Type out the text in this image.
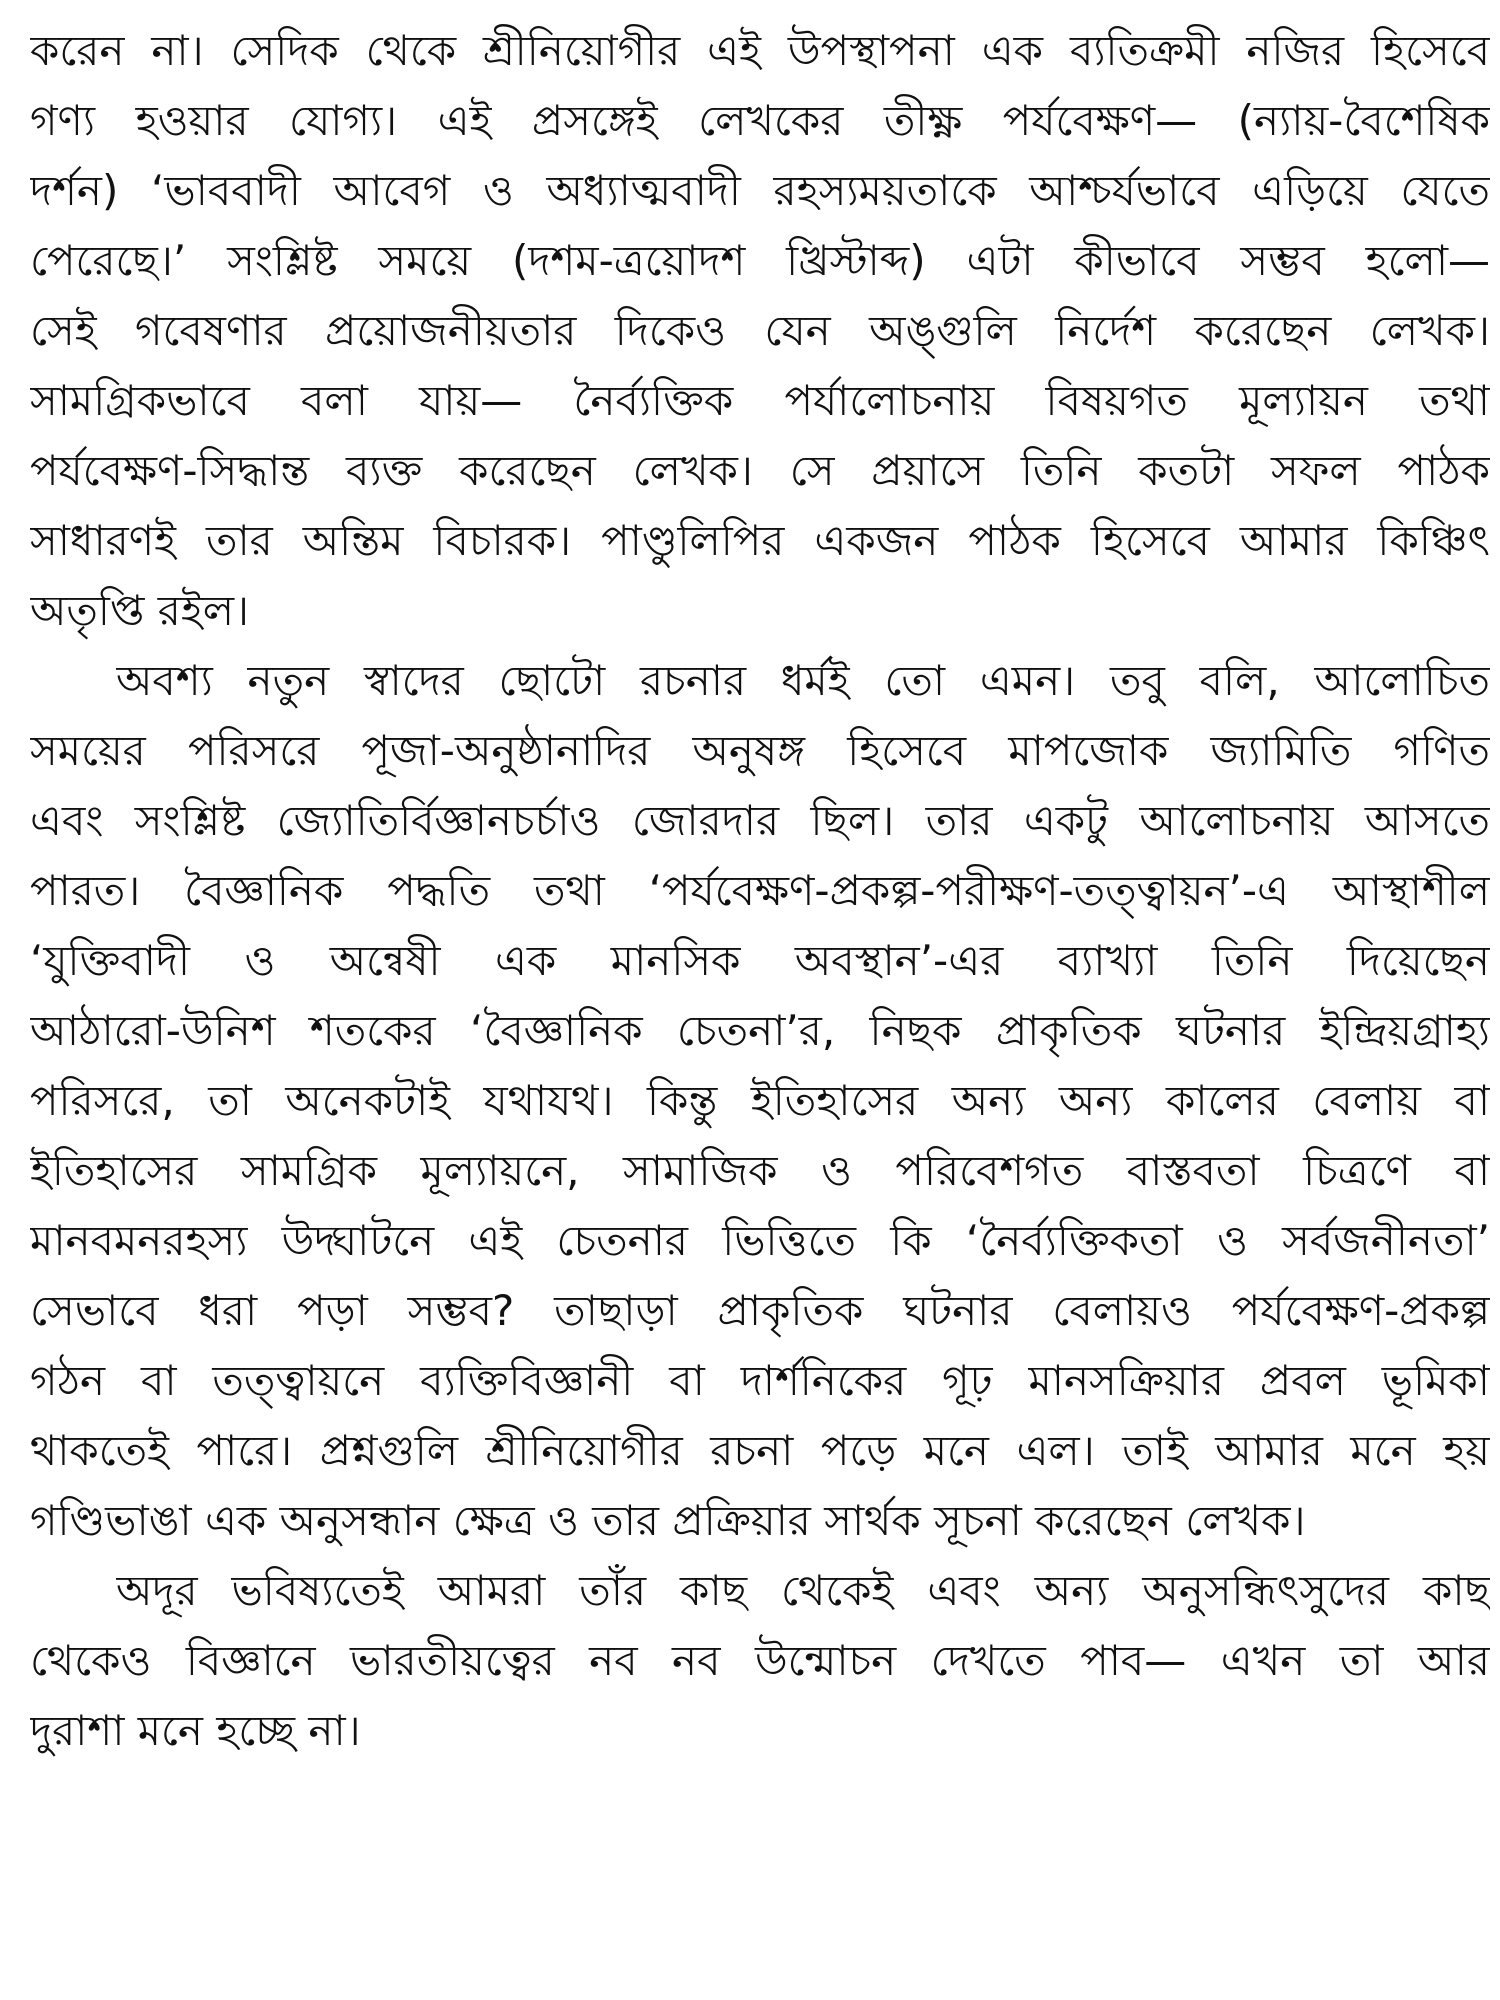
করেন না। সেদিক থেকে শ্রীনিয়োগীর এই উপস্থাপনা এক ব্যতিক্রমী নজির হিসেবে
গণ্য হওয়ার যোগ্য। এই প্রসঙ্গেই লেখকের তীক্ষ্ণ পর্যবেক্ষণ— (ন্যায়-বৈশেষিক
দর্শন) ‘ভাববাদী আবেগ ও অধ্যাত্মবাদী রহস্যময়তাকে আশ্চর্যভাবে এড়িয়ে যেতে
পেরেছে।’ সংশ্লিষ্ট সময়ে (দশম-ত্রয়োদশ খ্রিস্টাব্দ) এটা কীভাবে সম্ভব হলো—
সেই গবেষণার প্রয়োজনীয়তার দিকেও যেন অঙ্গুলি নির্দেশ করেছেন লেখক।
সামগ্রিকভাবে বলা যায়— নৈর্ব্যক্তিক পর্যালোচনায় বিষয়গত মূল্যায়ন তথা
পর্যবেক্ষণ-সিদ্ধান্ত ব্যক্ত করেছেন লেখক। সে প্রয়াসে তিনি কতটা সফল পাঠক
সাধারণই তার অন্তিম বিচারক। পাণ্ডুলিপির একজন পাঠক হিসেবে আমার কিঞ্চিৎ
অতৃপ্তি রইল।
অবশ্য নতুন স্বাদের ছোটো রচনার ধর্মই তো এমন। তবু বলি, আলোচিত
সময়ের পরিসরে পূজা-অনুষ্ঠানাদির অনুষঙ্গ হিসেবে মাপজোক জ্যামিতি গণিত
এবং সংশ্লিষ্ট জ্যোতির্বিজ্ঞানচর্চাও জোরদার ছিল। তার একটু আলোচনায় আসতে
পারত। বৈজ্ঞানিক পদ্ধতি তথা ‘পর্যবেক্ষণ-প্রকল্প-পরীক্ষণ-তত্ত্বায়ন’-এ আস্থাশীল
‘যুক্তিবাদী ও অন্বেষী এক মানসিক অবস্থান’-এর ব্যাখ্যা তিনি দিয়েছেন
আঠারো-উনিশ শতকের ‘বৈজ্ঞানিক চেতনা’র, নিছক প্রাকৃতিক ঘটনার ইন্দ্রিয়গ্রাহ্য
পরিসরে, তা অনেকটাই যথাযথ। কিন্তু ইতিহাসের অন্য অন্য কালের বেলায় বা
ইতিহাসের সামগ্রিক মূল্যায়নে, সামাজিক ও পরিবেশগত বাস্তবতা চিত্রণে বা
মানবমনরহস্য উদ্ঘাটনে এই চেতনার ভিত্তিতে কি ‘নৈর্ব্যক্তিকতা ও সর্বজনীনতা’
সেভাবে ধরা পড়া সম্ভব? তাছাড়া প্রাকৃতিক ঘটনার বেলায়ও পর্যবেক্ষণ-প্রকল্প
গঠন বা তত্ত্বায়নে ব্যক্তিবিজ্ঞানী বা দার্শনিকের গূঢ় মানসক্রিয়ার প্রবল ভূমিকা
থাকতেই পারে। প্রশ্নগুলি শ্রীনিয়োগীর রচনা পড়ে মনে এল। তাই আমার মনে হয়
গণ্ডিভাঙা এক অনুসন্ধান ক্ষেত্র ও তার প্রক্রিয়ার সার্থক সূচনা করেছেন লেখক।
অদূর ভবিষ্যতেই আমরা তাঁর কাছ থেকেই এবং অন্য অনুসন্ধিৎসুদের কাছ
থেকেও বিজ্ঞানে ভারতীয়ত্বের নব নব উন্মোচন দেখতে পাব— এখন তা আর
দুরাশা মনে হচ্ছে না।
